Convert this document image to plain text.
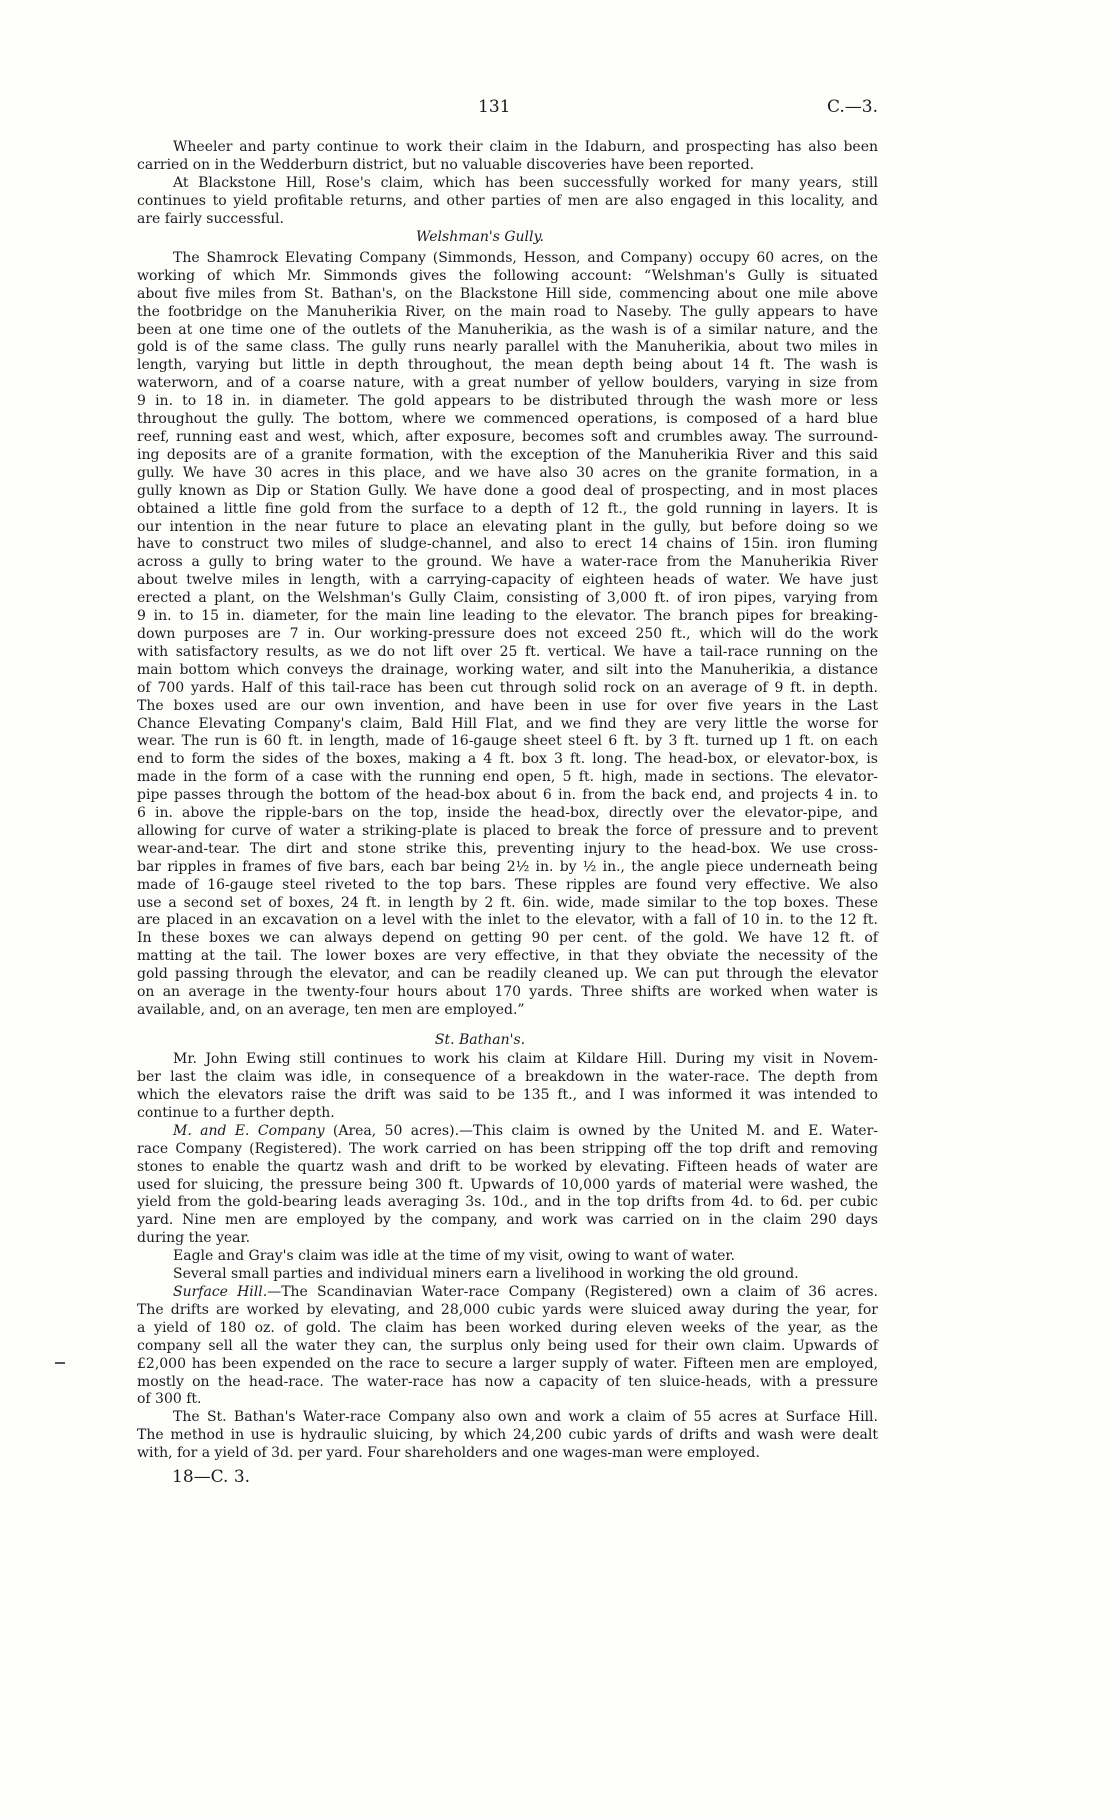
131	C.—3.
Wheeler and party continue to work their claim in the Idaburn, and prospecting has also been
carried on in the Wedderburn district, but no valuable discoveries have been reported.
At Blackstone Hill, Rose's claim, which has been successfully worked for many years, still
continues to yield profitable returns, and other parties of men are also engaged in this locality, and
are fairly successful.
Welshman's Gully.
The Shamrock Elevating Company (Simmonds, Hesson, and Company) occupy 60 acres, on the
working of which Mr. Simmonds gives the following account: “Welshman's Gully is situated
about five miles from St. Bathan's, on the Blackstone Hill side, commencing about one mile above
the footbridge on the Manuherikia River, on the main road to Naseby. The gully appears to have
been at one time one of the outlets of the Manuherikia, as the wash is of a similar nature, and the
gold is of the same class. The gully runs nearly parallel with the Manuherikia, about two miles in
length, varying but little in depth throughout, the mean depth being about 14 ft. The wash is
waterworn, and of a coarse nature, with a great number of yellow boulders, varying in size from
9 in. to 18 in. in diameter. The gold appears to be distributed through the wash more or less
throughout the gully. The bottom, where we commenced operations, is composed of a hard blue
reef, running east and west, which, after exposure, becomes soft and crumbles away. The surround-
ing deposits are of a granite formation, with the exception of the Manuherikia River and this said
gully. We have 30 acres in this place, and we have also 30 acres on the granite formation, in a
gully known as Dip or Station Gully. We have done a good deal of prospecting, and in most places
obtained a little fine gold from the surface to a depth of 12 ft., the gold running in layers. It is
our intention in the near future to place an elevating plant in the gully, but before doing so we
have to construct two miles of sludge-channel, and also to erect 14 chains of 15in. iron fluming
across a gully to bring water to the ground. We have a water-race from the Manuherikia River
about twelve miles in length, with a carrying-capacity of eighteen heads of water. We have just
erected a plant, on the Welshman's Gully Claim, consisting of 3,000 ft. of iron pipes, varying from
9 in. to 15 in. diameter, for the main line leading to the elevator. The branch pipes for breaking-
down purposes are 7 in. Our working-pressure does not exceed 250 ft., which will do the work
with satisfactory results, as we do not lift over 25 ft. vertical. We have a tail-race running on the
main bottom which conveys the drainage, working water, and silt into the Manuherikia, a distance
of 700 yards. Half of this tail-race has been cut through solid rock on an average of 9 ft. in depth.
The boxes used are our own invention, and have been in use for over five years in the Last
Chance Elevating Company's claim, Bald Hill Flat, and we find they are very little the worse for
wear. The run is 60 ft. in length, made of 16-gauge sheet steel 6 ft. by 3 ft. turned up 1 ft. on each
end to form the sides of the boxes, making a 4 ft. box 3 ft. long. The head-box, or elevator-box, is
made in the form of a case with the running end open, 5 ft. high, made in sections. The elevator-
pipe passes through the bottom of the head-box about 6 in. from the back end, and projects 4 in. to
6 in. above the ripple-bars on the top, inside the head-box, directly over the elevator-pipe, and
allowing for curve of water a striking-plate is placed to break the force of pressure and to prevent
wear-and-tear. The dirt and stone strike this, preventing injury to the head-box. We use cross-
bar ripples in frames of five bars, each bar being 2½ in. by ½ in., the angle piece underneath being
made of 16-gauge steel riveted to the top bars. These ripples are found very effective. We also
use a second set of boxes, 24 ft. in length by 2 ft. 6in. wide, made similar to the top boxes. These
are placed in an excavation on a level with the inlet to the elevator, with a fall of 10 in. to the 12 ft.
In these boxes we can always depend on getting 90 per cent. of the gold. We have 12 ft. of
matting at the tail. The lower boxes are very effective, in that they obviate the necessity of the
gold passing through the elevator, and can be readily cleaned up. We can put through the elevator
on an average in the twenty-four hours about 170 yards. Three shifts are worked when water is
available, and, on an average, ten men are employed.”
St. Bathan's.
Mr. John Ewing still continues to work his claim at Kildare Hill. During my visit in Novem-
ber last the claim was idle, in consequence of a breakdown in the water-race. The depth from
which the elevators raise the drift was said to be 135 ft., and I was informed it was intended to
continue to a further depth.
M. and E. Company (Area, 50 acres).—This claim is owned by the United M. and E. Water-
race Company (Registered). The work carried on has been stripping off the top drift and removing
stones to enable the quartz wash and drift to be worked by elevating. Fifteen heads of water are
used for sluicing, the pressure being 300 ft. Upwards of 10,000 yards of material were washed, the
yield from the gold-bearing leads averaging 3s. 10d., and in the top drifts from 4d. to 6d. per cubic
yard. Nine men are employed by the company, and work was carried on in the claim 290 days
during the year.
Eagle and Gray's claim was idle at the time of my visit, owing to want of water.
Several small parties and individual miners earn a livelihood in working the old ground.
Surface Hill.—The Scandinavian Water-race Company (Registered) own a claim of 36 acres.
The drifts are worked by elevating, and 28,000 cubic yards were sluiced away during the year, for
a yield of 180 oz. of gold. The claim has been worked during eleven weeks of the year, as the
company sell all the water they can, the surplus only being used for their own claim. Upwards of
£2,000 has been expended on the race to secure a larger supply of water. Fifteen men are employed,
mostly on the head-race. The water-race has now a capacity of ten sluice-heads, with a pressure
of 300 ft.
The St. Bathan's Water-race Company also own and work a claim of 55 acres at Surface Hill.
The method in use is hydraulic sluicing, by which 24,200 cubic yards of drifts and wash were dealt
with, for a yield of 3d. per yard. Four shareholders and one wages-man were employed.
18—C. 3.
